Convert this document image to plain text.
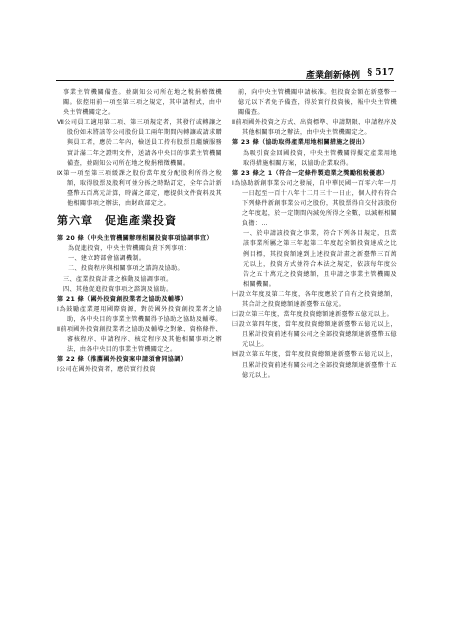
產業創新條例 § 517

事業主管機關備查。並副知公司所在地之稅捐稽徵機關。依控用前一項至第三項之規定，其申請程式，由中央主管機關定之。

Ⅶ公司員工適用第二項、第三項規定者，其發行或轉讓之股份如未將該等公司股份員工兩年期間內轉讓或請求贈與員工者，應於二年內，檢送員工持有股票且繼續服務實計滿二年之證明文件，送請各中央目的事業主管機關備查，並副知公司所在地之稅捐稽徵機關。

Ⅸ第一項至第三項緩課之股份當年度分配股利所得之稅額，取得股票及股利可並分拆之時點訂定，全年合計新臺幣五百萬元計算，時滿之部定，應提供文件資料及其他相關事項之辦法，由財政部定之。

第六章 促進產業投資

第 20 條（中央主管機關辦理相關投資事項協調事宜）

為促進投資，中央主管機關負責下列事項：

一、建立跨部會協調機制。

二、投資程序與相關事項之諮詢及協助。

三、產業投資計畫之推動及協調事項。

四、其他促進投資事項之諮詢及協助。

第 21 條（國外投資創投業者之協助及輔導）

Ⅰ為鼓勵產業運用國際資源，對於國外投資創投業者之協助，各中央目的事業主管機關得予協助之協助及輔導。

Ⅱ前項國外投資創投業者之協助及輔導之對象、資格條件、審核程序、申請程序、核定程序及其他相關事項之辦法，由各中央目的事業主管機關定之。

第 22 條（推薦國外投資案申請須會同協調）

Ⅰ公司在國外投資者，應於實行投資

前，向中央主管機關申請核准。但投資金額在新臺幣一億元以下者免予備查，得於實行投資後，報中央主管機關備查。

Ⅱ前項國外投資之方式、出資標準、申請期限、申請程序及其他相關事項之辦法，由中央主管機關定之。

第 23 條（協助取得產業用地相關措施之提出）

為吸引資金回國投資，中央主管機關得擬定產業用地取得措施相關方案，以協助企業取得。

第 23 條之 1（符合一定條件製造業之獎勵租稅優惠）

Ⅰ為協助新創事業公司之發展，自中華民國一百零六年一月一日起至一百十八年十二月三十一日止，個人持有符合下列條件新創事業公司之股份，其股票得自交付該股份之年度起，於一定期間內減免所得之全數，以減輕相關負擔：…

一、於申請該投資之事業，符合下列各目規定，且當該事業所屬之第三年起第二年度起全額投資達成之比例目標，其投資額達到上述投資計畫之新臺幣三百萬元以上，投資方式並符合本法之規定，依該每年度公告之五十萬元之投資總額，且申請之事業主管機關及相關機關。

㈠設立年度及第二年度，各年度應於了自有之投資總額，其合計之投資總額達新臺幣五億元。

㈡設立第三年度，當年度投資總額達新臺幣五億元以上。

㈢設立第四年度，當年度投資總額達新臺幣五億元以上，且累計投資前述有關公司之全部投資總額達新臺幣五億元以上。

㈣設立第五年度，當年度投資總額達新臺幣五億元以上，且累計投資前述有關公司之全部投資總額達新臺幣十五億元以上。
